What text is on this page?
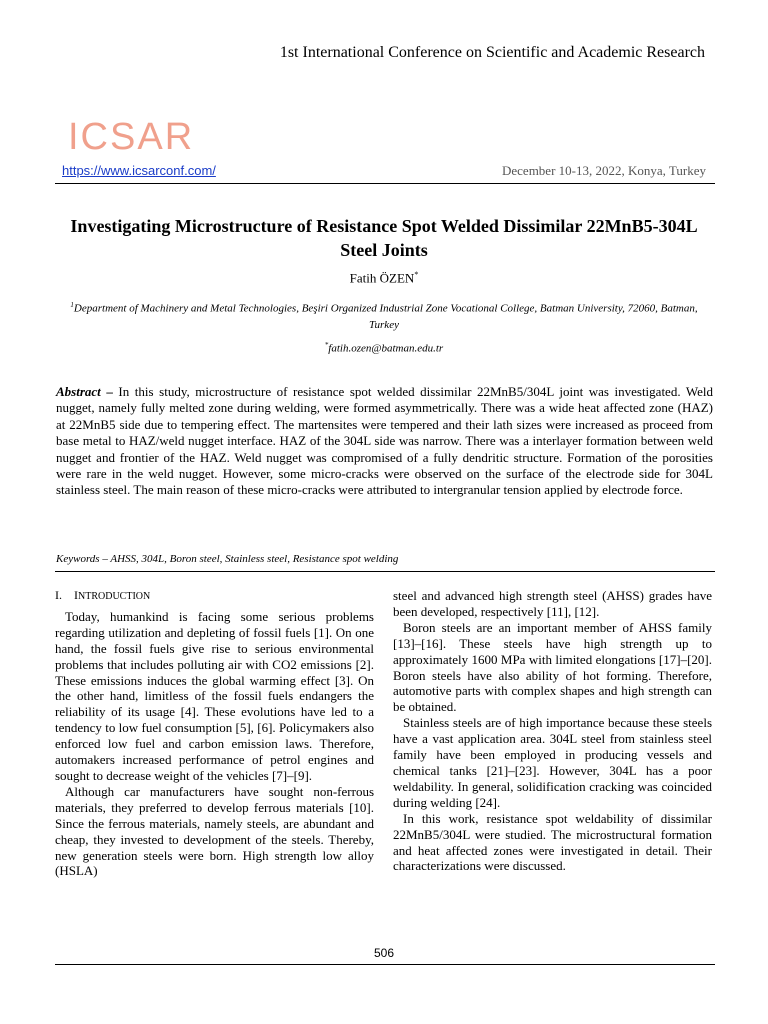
1st International Conference on Scientific and Academic Research
ICSAR
https://www.icsarconf.com/	December 10-13, 2022, Konya, Turkey
Investigating Microstructure of Resistance Spot Welded Dissimilar 22MnB5-304L Steel Joints
Fatih ÖZEN*
$^1$Department of Machinery and Metal Technologies, Beşiri Organized Industrial Zone Vocational College, Batman University, 72060, Batman, Turkey
*fatih.ozen@batman.edu.tr
Abstract – In this study, microstructure of resistance spot welded dissimilar 22MnB5/304L joint was investigated. Weld nugget, namely fully melted zone during welding, were formed asymmetrically. There was a wide heat affected zone (HAZ) at 22MnB5 side due to tempering effect. The martensites were tempered and their lath sizes were increased as proceed from base metal to HAZ/weld nugget interface. HAZ of the 304L side was narrow. There was a interlayer formation between weld nugget and frontier of the HAZ. Weld nugget was compromised of a fully dendritic structure. Formation of the porosities were rare in the weld nugget. However, some micro-cracks were observed on the surface of the electrode side for 304L stainless steel. The main reason of these micro-cracks were attributed to intergranular tension applied by electrode force.
Keywords – AHSS, 304L, Boron steel, Stainless steel, Resistance spot welding
I. INTRODUCTION

Today, humankind is facing some serious problems regarding utilization and depleting of fossil fuels [1]. On one hand, the fossil fuels give rise to serious environmental problems that includes polluting air with CO2 emissions [2]. These emissions induces the global warming effect [3]. On the other hand, limitless of the fossil fuels endangers the reliability of its usage [4]. These evolutions have led to a tendency to low fuel consumption [5], [6]. Policymakers also enforced low fuel and carbon emission laws. Therefore, automakers increased performance of petrol engines and sought to decrease weight of the vehicles [7]–[9].

Although car manufacturers have sought non-ferrous materials, they preferred to develop ferrous materials [10]. Since the ferrous materials, namely steels, are abundant and cheap, they invested to development of the steels. Thereby, new generation steels were born. High strength low alloy (HSLA)

steel and advanced high strength steel (AHSS) grades have been developed, respectively [11], [12].

Boron steels are an important member of AHSS family [13]–[16]. These steels have high strength up to approximately 1600 MPa with limited elongations [17]–[20]. Boron steels have also ability of hot forming. Therefore, automotive parts with complex shapes and high strength can be obtained.

Stainless steels are of high importance because these steels have a vast application area. 304L steel from stainless steel family have been employed in producing vessels and chemical tanks [21]–[23]. However, 304L has a poor weldability. In general, solidification cracking was coincided during welding [24].

In this work, resistance spot weldability of dissimilar 22MnB5/304L were studied. The microstructural formation and heat affected zones were investigated in detail. Their characterizations were discussed.

506
